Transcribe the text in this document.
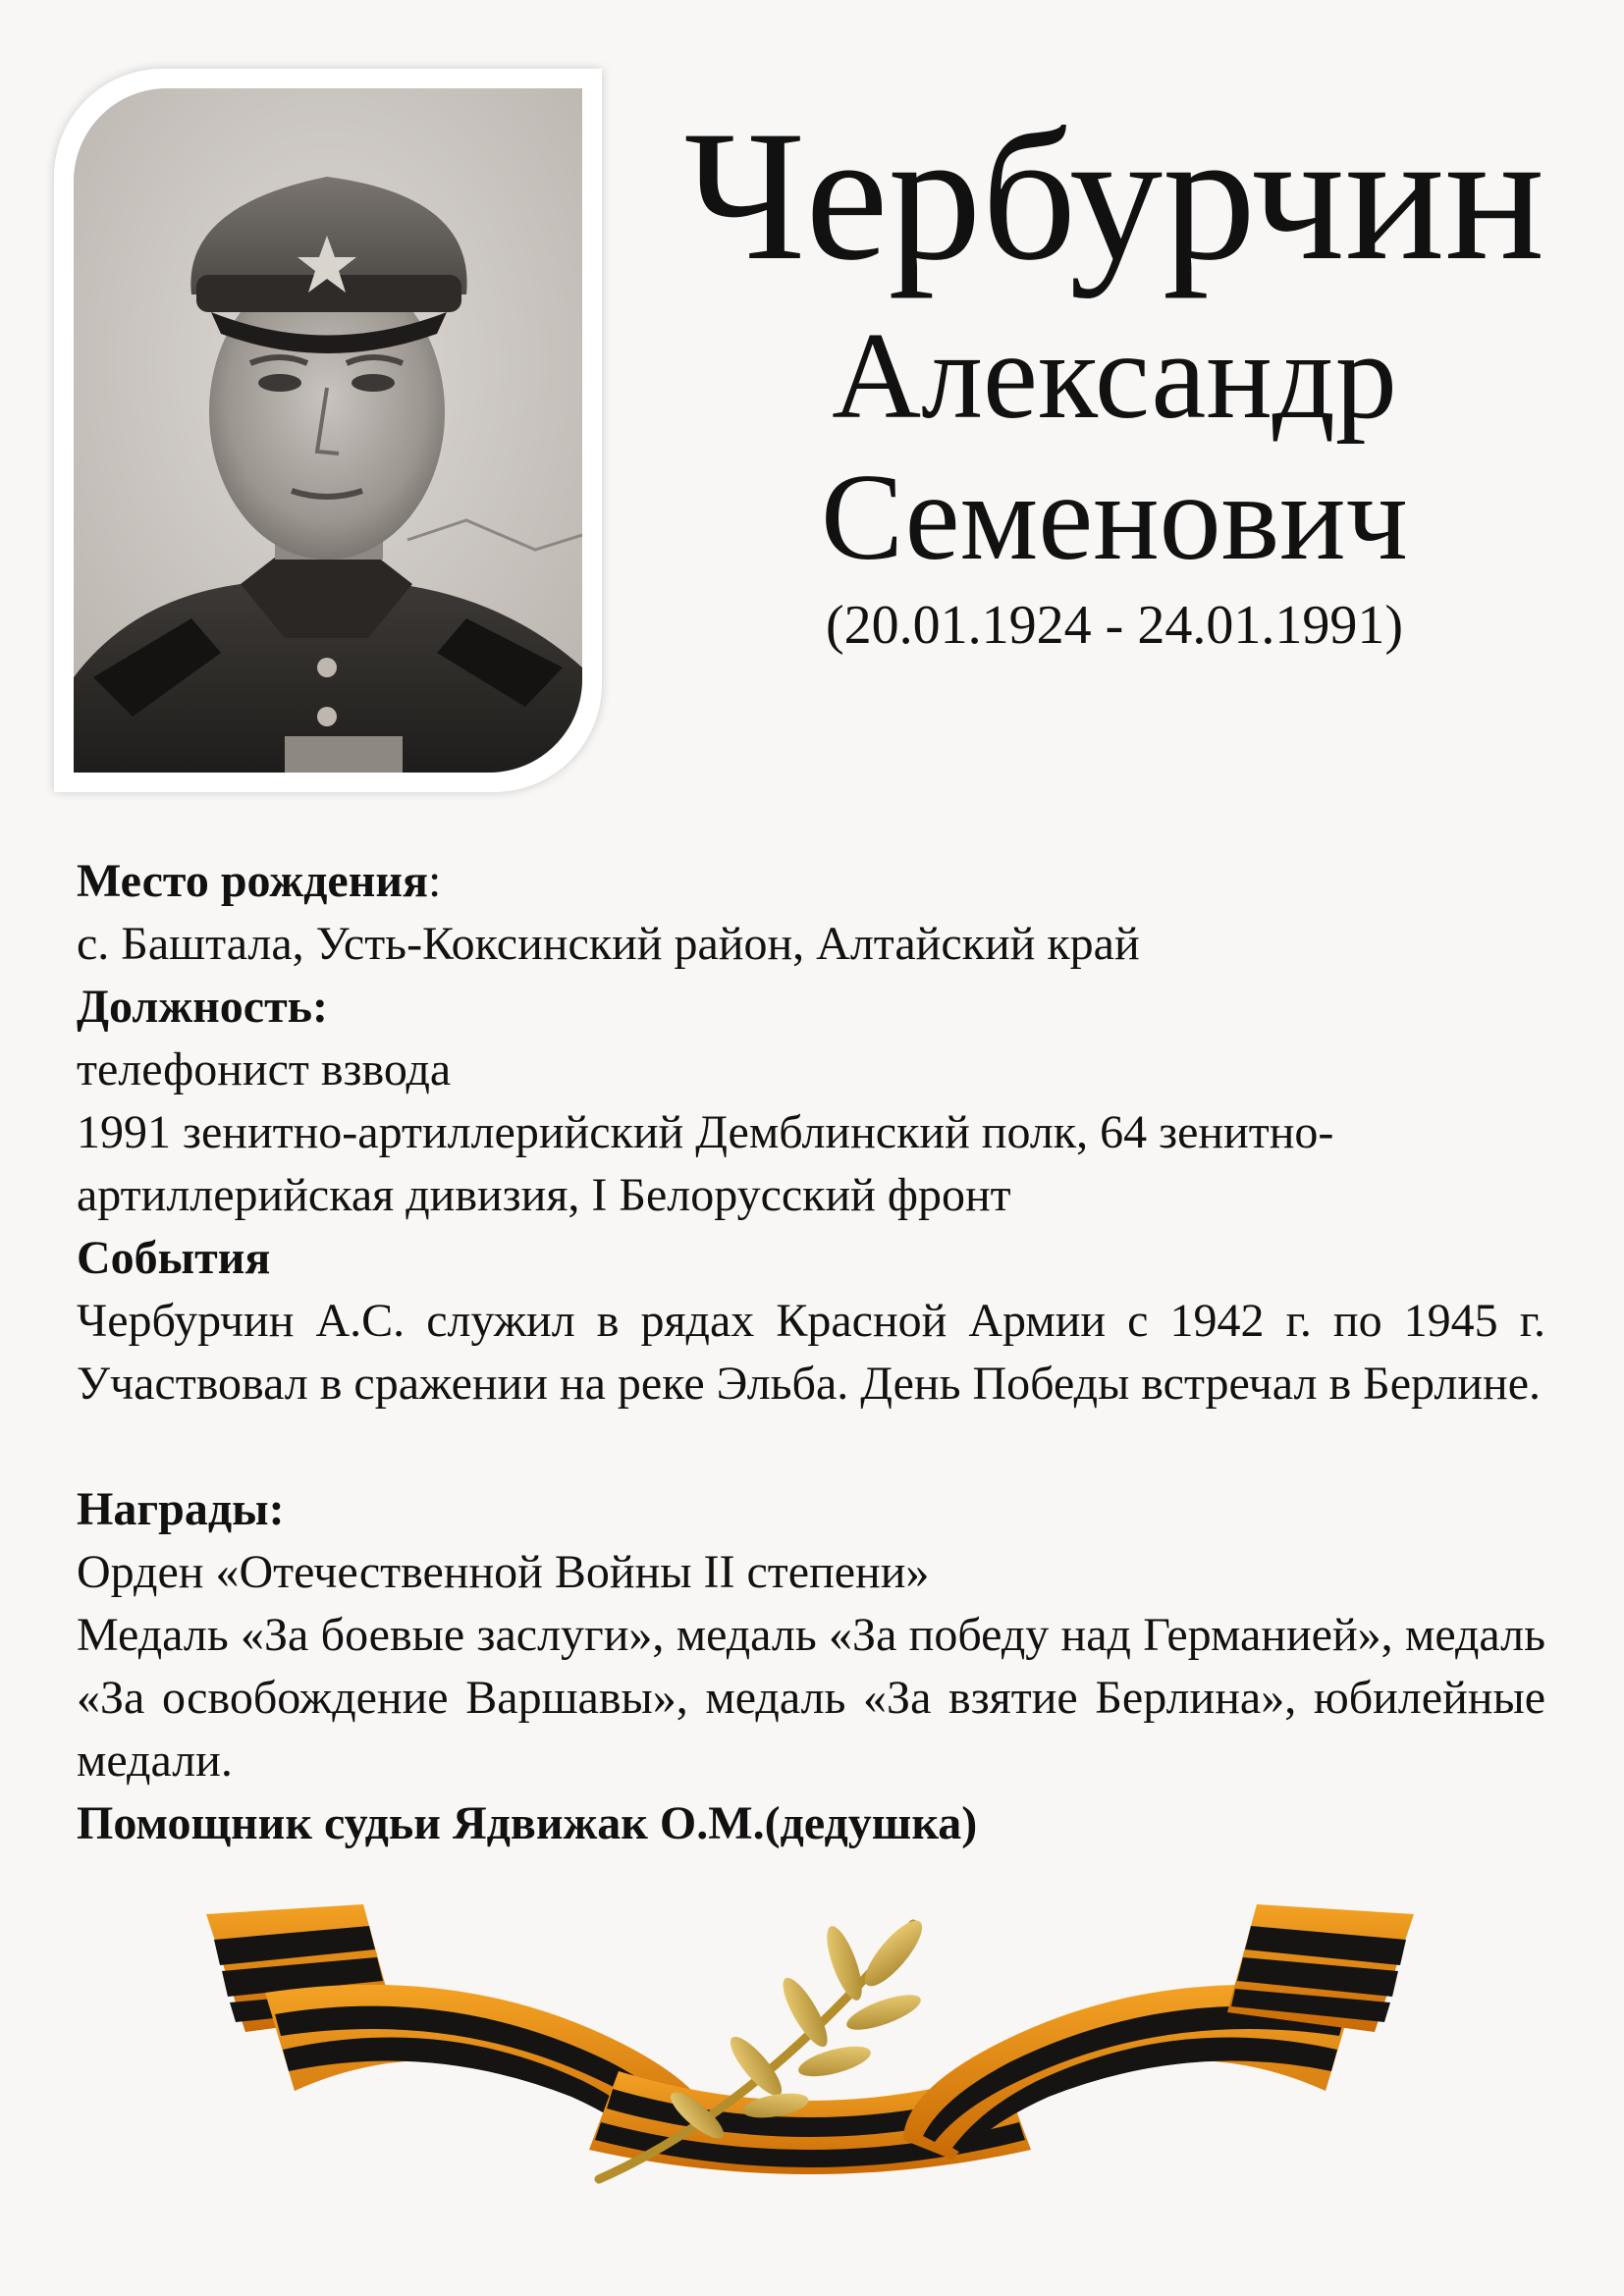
Чербурчин
Александр
Семенович
(20.01.1924 - 24.01.1991)

Место рождения:

с. Баштала, Усть-Коксинский район, Алтайский край

Должность:

телефонист взвода

1991 зенитно-артиллерийский Демблинский полк, 64 зенитно-артиллерийская дивизия, I Белорусский фронт

События

Чербурчин А.С. служил в рядах Красной Армии с 1942 г. по 1945 г. Участвовал в сражении на реке Эльба. День Победы встречал в Берлине.

Награды:

Орден «Отечественной Войны II степени»

Медаль «За боевые заслуги», медаль «За победу над Германией», медаль «За освобождение Варшавы», медаль «За взятие Берлина», юбилейные медали.

Помощник судьи Ядвижак О.М.(дедушка)
